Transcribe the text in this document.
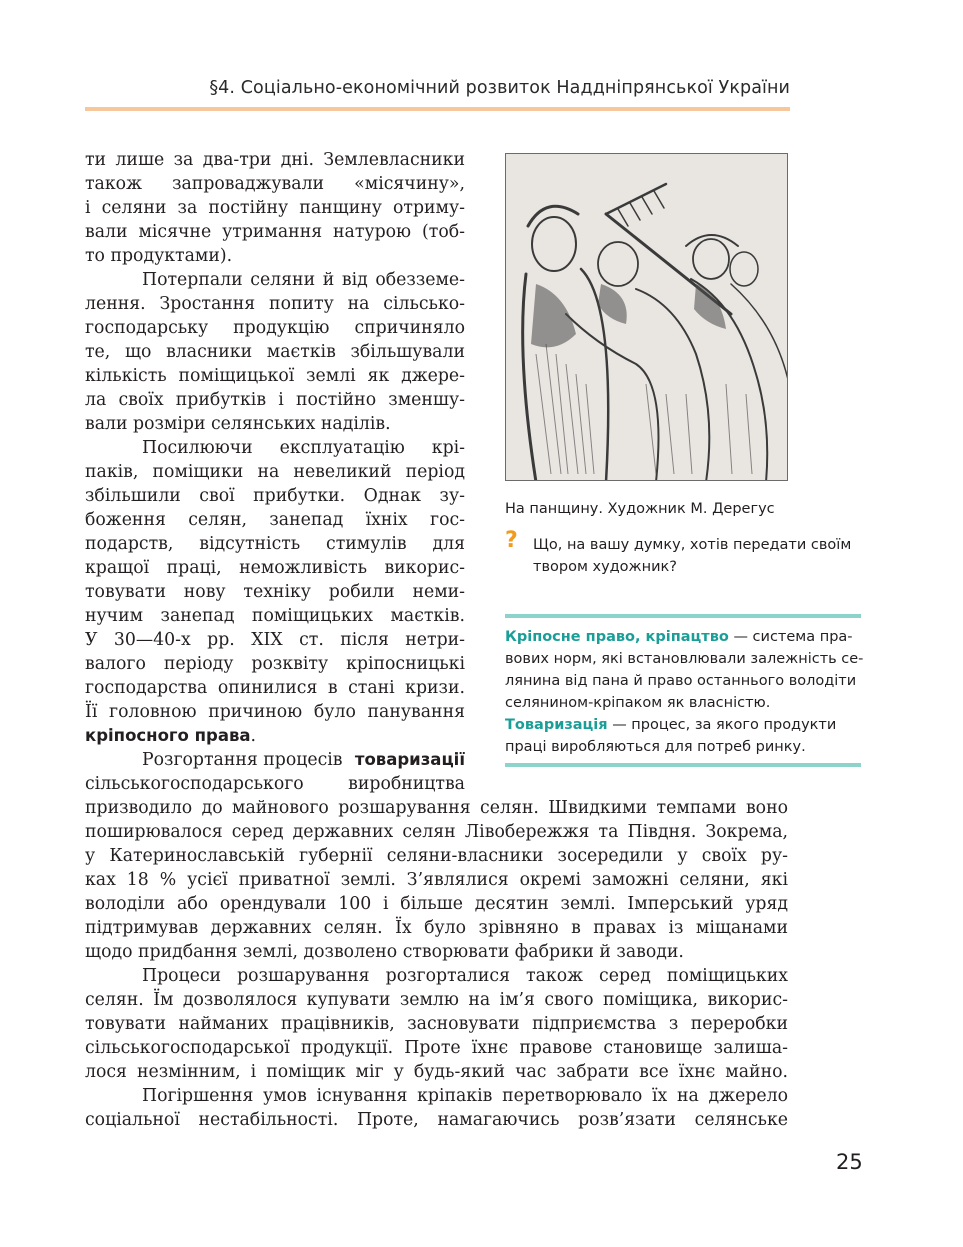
§4. Соціально-економічний розвиток Наддніпрянської України
ти лише за два-три дні. Землевласники
також запроваджували «місячину»,
і селяни за постійну панщину отриму-
вали місячне утримання натурою (тоб-
то продуктами).
Потерпали селяни й від обезземе-
лення. Зростання попиту на сільсько-
господарську продукцію спричиняло
те, що власники маєтків збільшували
кількість поміщицької землі як джере-
ла своїх прибутків і постійно зменшу-
вали розміри селянських наділів.
Посилюючи експлуатацію крі-
паків, поміщики на невеликий період
збільшили свої прибутки. Однак зу-
боження селян, занепад їхніх гос-
подарств, відсутність стимулів для
кращої праці, неможливість викорис-
товувати нову техніку робили неми-
нучим занепад поміщицьких маєтків.
У 30—40-х рр. XIX ст. після нетри-
валого періоду розквіту кріпосницькі
господарства опинилися в стані кризи.
Її головною причиною було панування
кріпосного права.
Розгортання процесів товаризації
сільськогосподарського виробництва
призводило до майнового розшарування селян. Швидкими темпами воно
поширювалося серед державних селян Лівобережжя та Півдня. Зокрема,
у Катеринославській губернії селяни-власники зосередили у своїх ру-
ках 18 % усієї приватної землі. З’являлися окремі заможні селяни, які
володіли або орендували 100 і більше десятин землі. Імперський уряд
підтримував державних селян. Їх було зрівняно в правах із міщанами
щодо придбання землі, дозволено створювати фабрики й заводи.
Процеси розшарування розгорталися також серед поміщицьких
селян. Їм дозволялося купувати землю на ім’я свого поміщика, викорис-
товувати найманих працівників, засновувати підприємства з переробки
сільськогосподарської продукції. Проте їхнє правове становище залиша-
лося незмінним, і поміщик міг у будь-який час забрати все їхнє майно.
Погіршення умов існування кріпаків перетворювало їх на джерело
соціальної нестабільності. Проте, намагаючись розв’язати селянське
На панщину. Художник М. Дерегус
? Що, на вашу думку, хотів передати своїм
твором художник?
Кріпосне право, кріпацтво — система пра-
вових норм, які встановлювали залежність се-
лянина від пана й право останнього володіти
селянином-кріпаком як власністю.
Товаризація — процес, за якого продукти
праці виробляються для потреб ринку.
25
